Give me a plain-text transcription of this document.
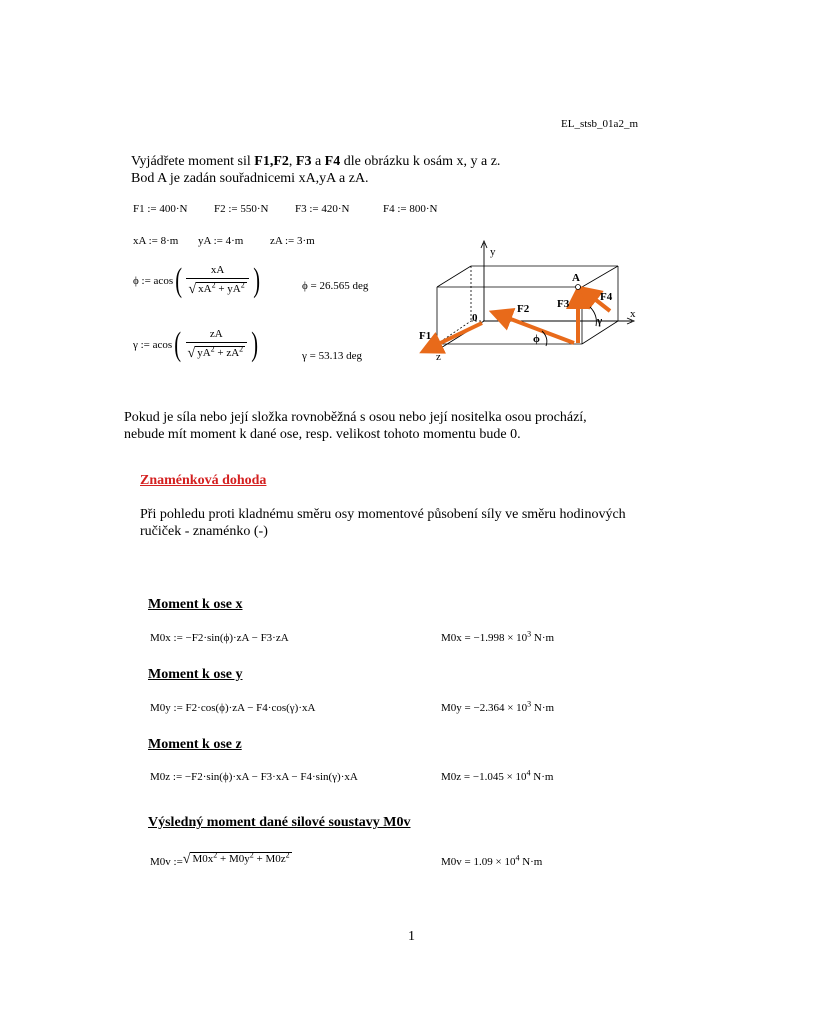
EL_stsb_01a2_m
Vyjádřete moment sil F1,F2, F3 a F4 dle obrázku k osám x, y a z.
Bod A je zadán souřadnicemi xA,yA a zA.
F1 := 400·N F2 := 550·N F3 := 420·N	F4 := 800·N
xA := 8·m yA := 4·m zA := 3·m
ϕ := acos ( $\frac{xA}{√ xA^2 + yA^2}$ )	ϕ = 26.565 deg
γ := acos ( $\frac{zA}{√ yA^2 + zA^2}$ )	γ = 53.13 deg
y
x
z
A
0
F1
F2	F3
F4
ϕ
γ
Pokud je síla nebo její složka rovnoběžná s osou nebo její nositelka osou prochází,
nebude mít moment k dané ose, resp. velikost tohoto momentu bude 0.
Znaménková dohoda
Při pohledu proti kladnému směru osy momentové působení síly ve směru hodinových
ručiček - znaménko (-)
Moment k ose x
M0x := −F2·sin(ϕ)·zA − F3·zA	$M0x = -1.998 \times 10^3$ N·m
Moment k ose y
M0y := F2·cos(ϕ)·zA − F4·cos(γ)·xA	$M0y = -2.364 \times 10^3$ N·m
Moment k ose z
M0z := −F2·sin(ϕ)·xA − F3·xA − F4·sin(γ)·xA	$M0z = -1.045 \times 10^4$ N·m
Výsledný moment dané silové soustavy M0v
M0v := √ $M0x^2 + M0y^2 + M0z^2$
$M0v = 1.09 \times 10^4$ N·m
1
